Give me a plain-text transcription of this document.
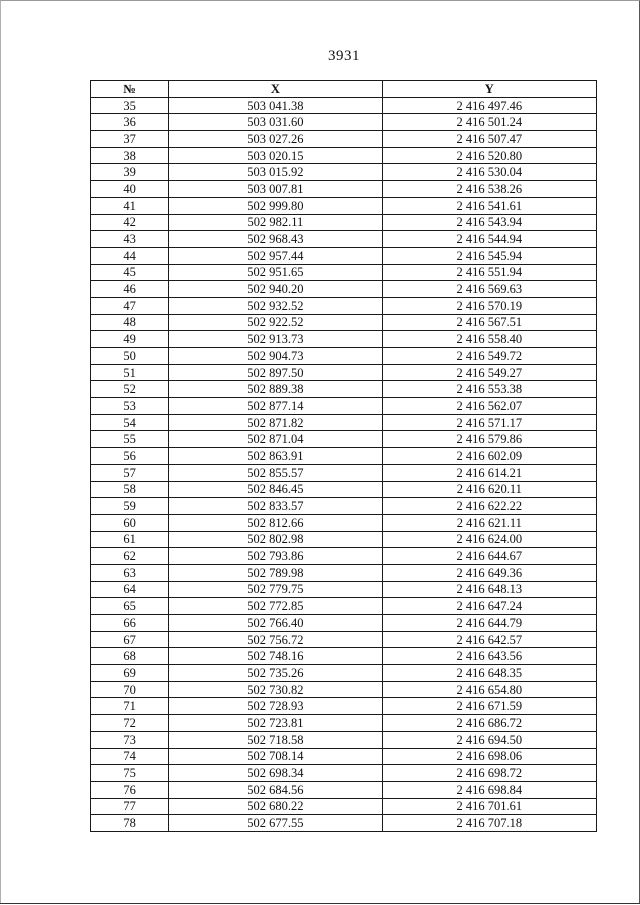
3931
№	X	Y
35	503 041.38	2 416 497.46
36	503 031.60	2 416 501.24
37	503 027.26	2 416 507.47
38	503 020.15	2 416 520.80
39	503 015.92	2 416 530.04
40	503 007.81	2 416 538.26
41	502 999.80	2 416 541.61
42	502 982.11	2 416 543.94
43	502 968.43	2 416 544.94
44	502 957.44	2 416 545.94
45	502 951.65	2 416 551.94
46	502 940.20	2 416 569.63
47	502 932.52	2 416 570.19
48	502 922.52	2 416 567.51
49	502 913.73	2 416 558.40
50	502 904.73	2 416 549.72
51	502 897.50	2 416 549.27
52	502 889.38	2 416 553.38
53	502 877.14	2 416 562.07
54	502 871.82	2 416 571.17
55	502 871.04	2 416 579.86
56	502 863.91	2 416 602.09
57	502 855.57	2 416 614.21
58	502 846.45	2 416 620.11
59	502 833.57	2 416 622.22
60	502 812.66	2 416 621.11
61	502 802.98	2 416 624.00
62	502 793.86	2 416 644.67
63	502 789.98	2 416 649.36
64	502 779.75	2 416 648.13
65	502 772.85	2 416 647.24
66	502 766.40	2 416 644.79
67	502 756.72	2 416 642.57
68	502 748.16	2 416 643.56
69	502 735.26	2 416 648.35
70	502 730.82	2 416 654.80
71	502 728.93	2 416 671.59
72	502 723.81	2 416 686.72
73	502 718.58	2 416 694.50
74	502 708.14	2 416 698.06
75	502 698.34	2 416 698.72
76	502 684.56	2 416 698.84
77	502 680.22	2 416 701.61
78	502 677.55	2 416 707.18
